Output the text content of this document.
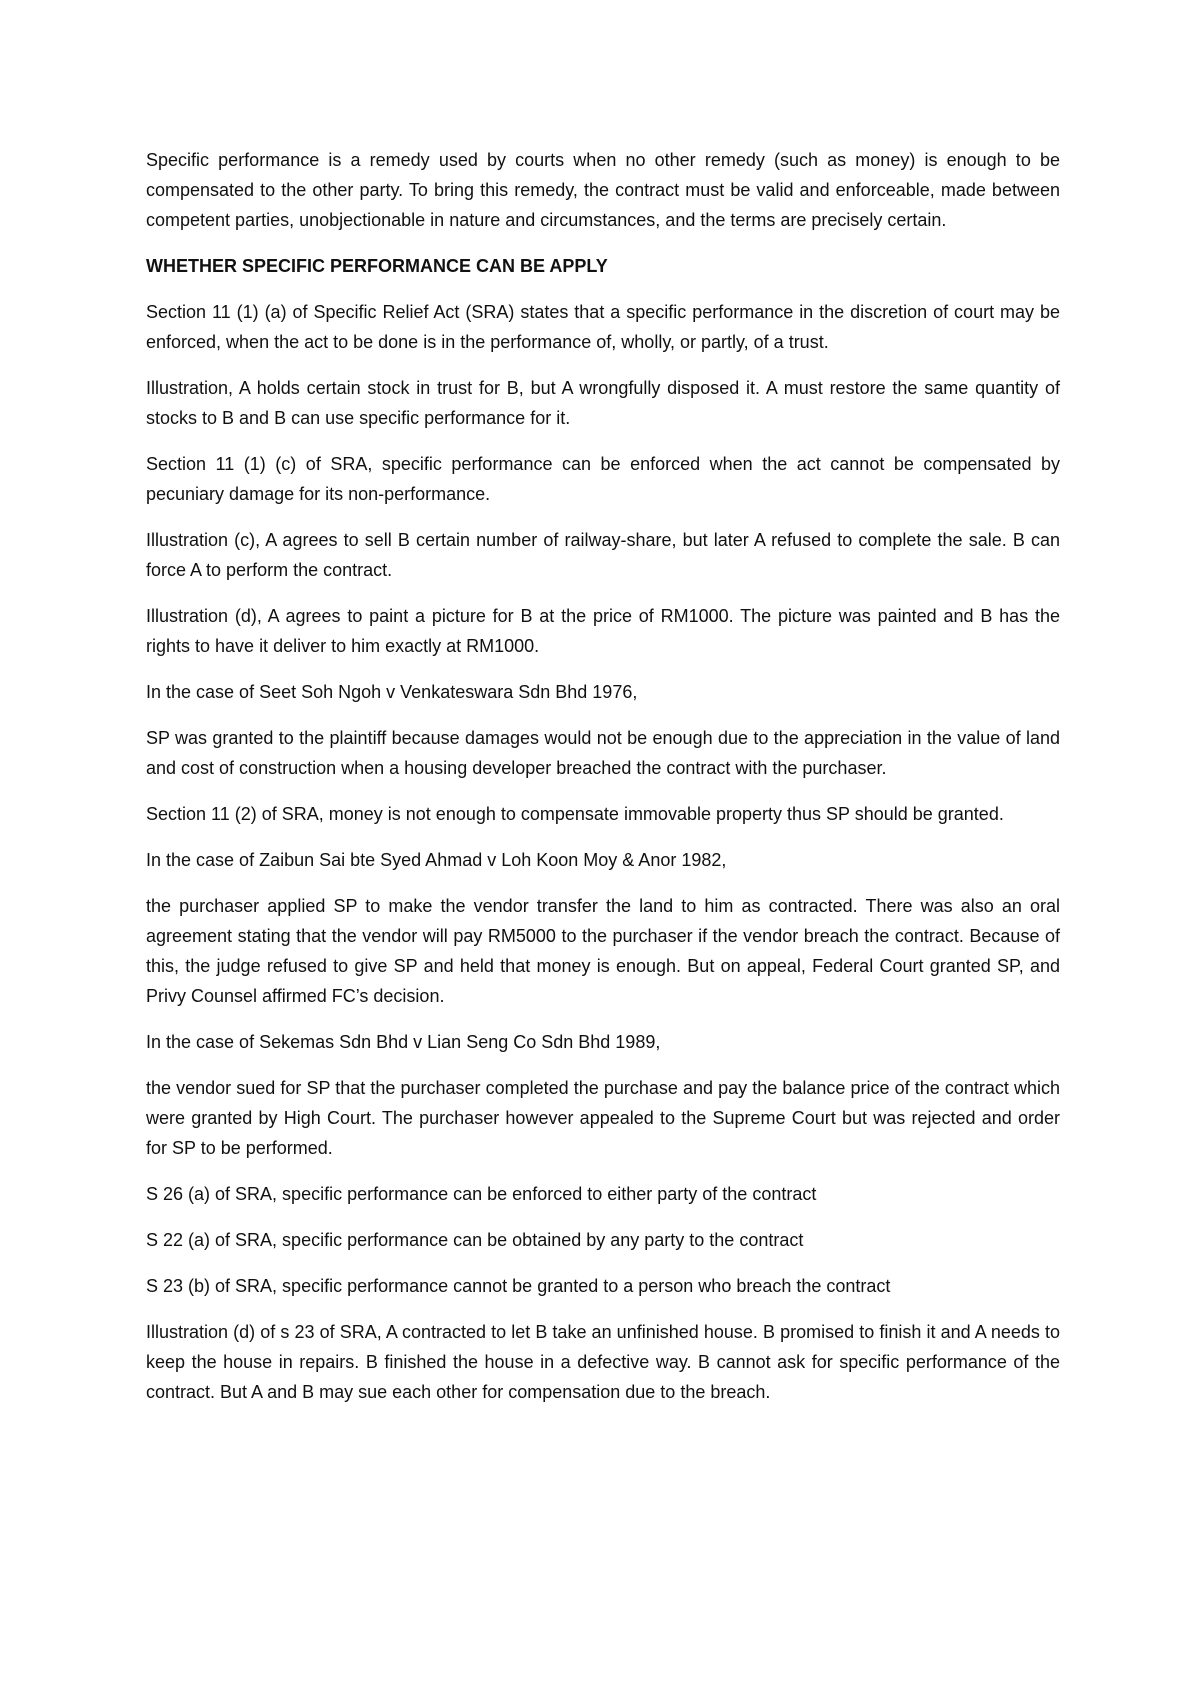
Specific performance is a remedy used by courts when no other remedy (such as money) is enough to be compensated to the other party. To bring this remedy, the contract must be valid and enforceable, made between competent parties, unobjectionable in nature and circumstances, and the terms are precisely certain.

WHETHER SPECIFIC PERFORMANCE CAN BE APPLY

Section 11 (1) (a) of Specific Relief Act (SRA) states that a specific performance in the discretion of court may be enforced, when the act to be done is in the performance of, wholly, or partly, of a trust.

Illustration, A holds certain stock in trust for B, but A wrongfully disposed it. A must restore the same quantity of stocks to B and B can use specific performance for it.

Section 11 (1) (c) of SRA, specific performance can be enforced when the act cannot be compensated by pecuniary damage for its non-performance.

Illustration (c), A agrees to sell B certain number of railway-share, but later A refused to complete the sale. B can force A to perform the contract.

Illustration (d), A agrees to paint a picture for B at the price of RM1000. The picture was painted and B has the rights to have it deliver to him exactly at RM1000.

In the case of Seet Soh Ngoh v Venkateswara Sdn Bhd 1976,

SP was granted to the plaintiff because damages would not be enough due to the appreciation in the value of land and cost of construction when a housing developer breached the contract with the purchaser.

Section 11 (2) of SRA, money is not enough to compensate immovable property thus SP should be granted.

In the case of Zaibun Sai bte Syed Ahmad v Loh Koon Moy & Anor 1982,

the purchaser applied SP to make the vendor transfer the land to him as contracted. There was also an oral agreement stating that the vendor will pay RM5000 to the purchaser if the vendor breach the contract. Because of this, the judge refused to give SP and held that money is enough. But on appeal, Federal Court granted SP, and Privy Counsel affirmed FC’s decision.

In the case of Sekemas Sdn Bhd v Lian Seng Co Sdn Bhd 1989,

the vendor sued for SP that the purchaser completed the purchase and pay the balance price of the contract which were granted by High Court. The purchaser however appealed to the Supreme Court but was rejected and order for SP to be performed.

S 26 (a) of SRA, specific performance can be enforced to either party of the contract

S 22 (a) of SRA, specific performance can be obtained by any party to the contract

S 23 (b) of SRA, specific performance cannot be granted to a person who breach the contract

Illustration (d) of s 23 of SRA, A contracted to let B take an unfinished house. B promised to finish it and A needs to keep the house in repairs. B finished the house in a defective way. B cannot ask for specific performance of the contract. But A and B may sue each other for compensation due to the breach.
